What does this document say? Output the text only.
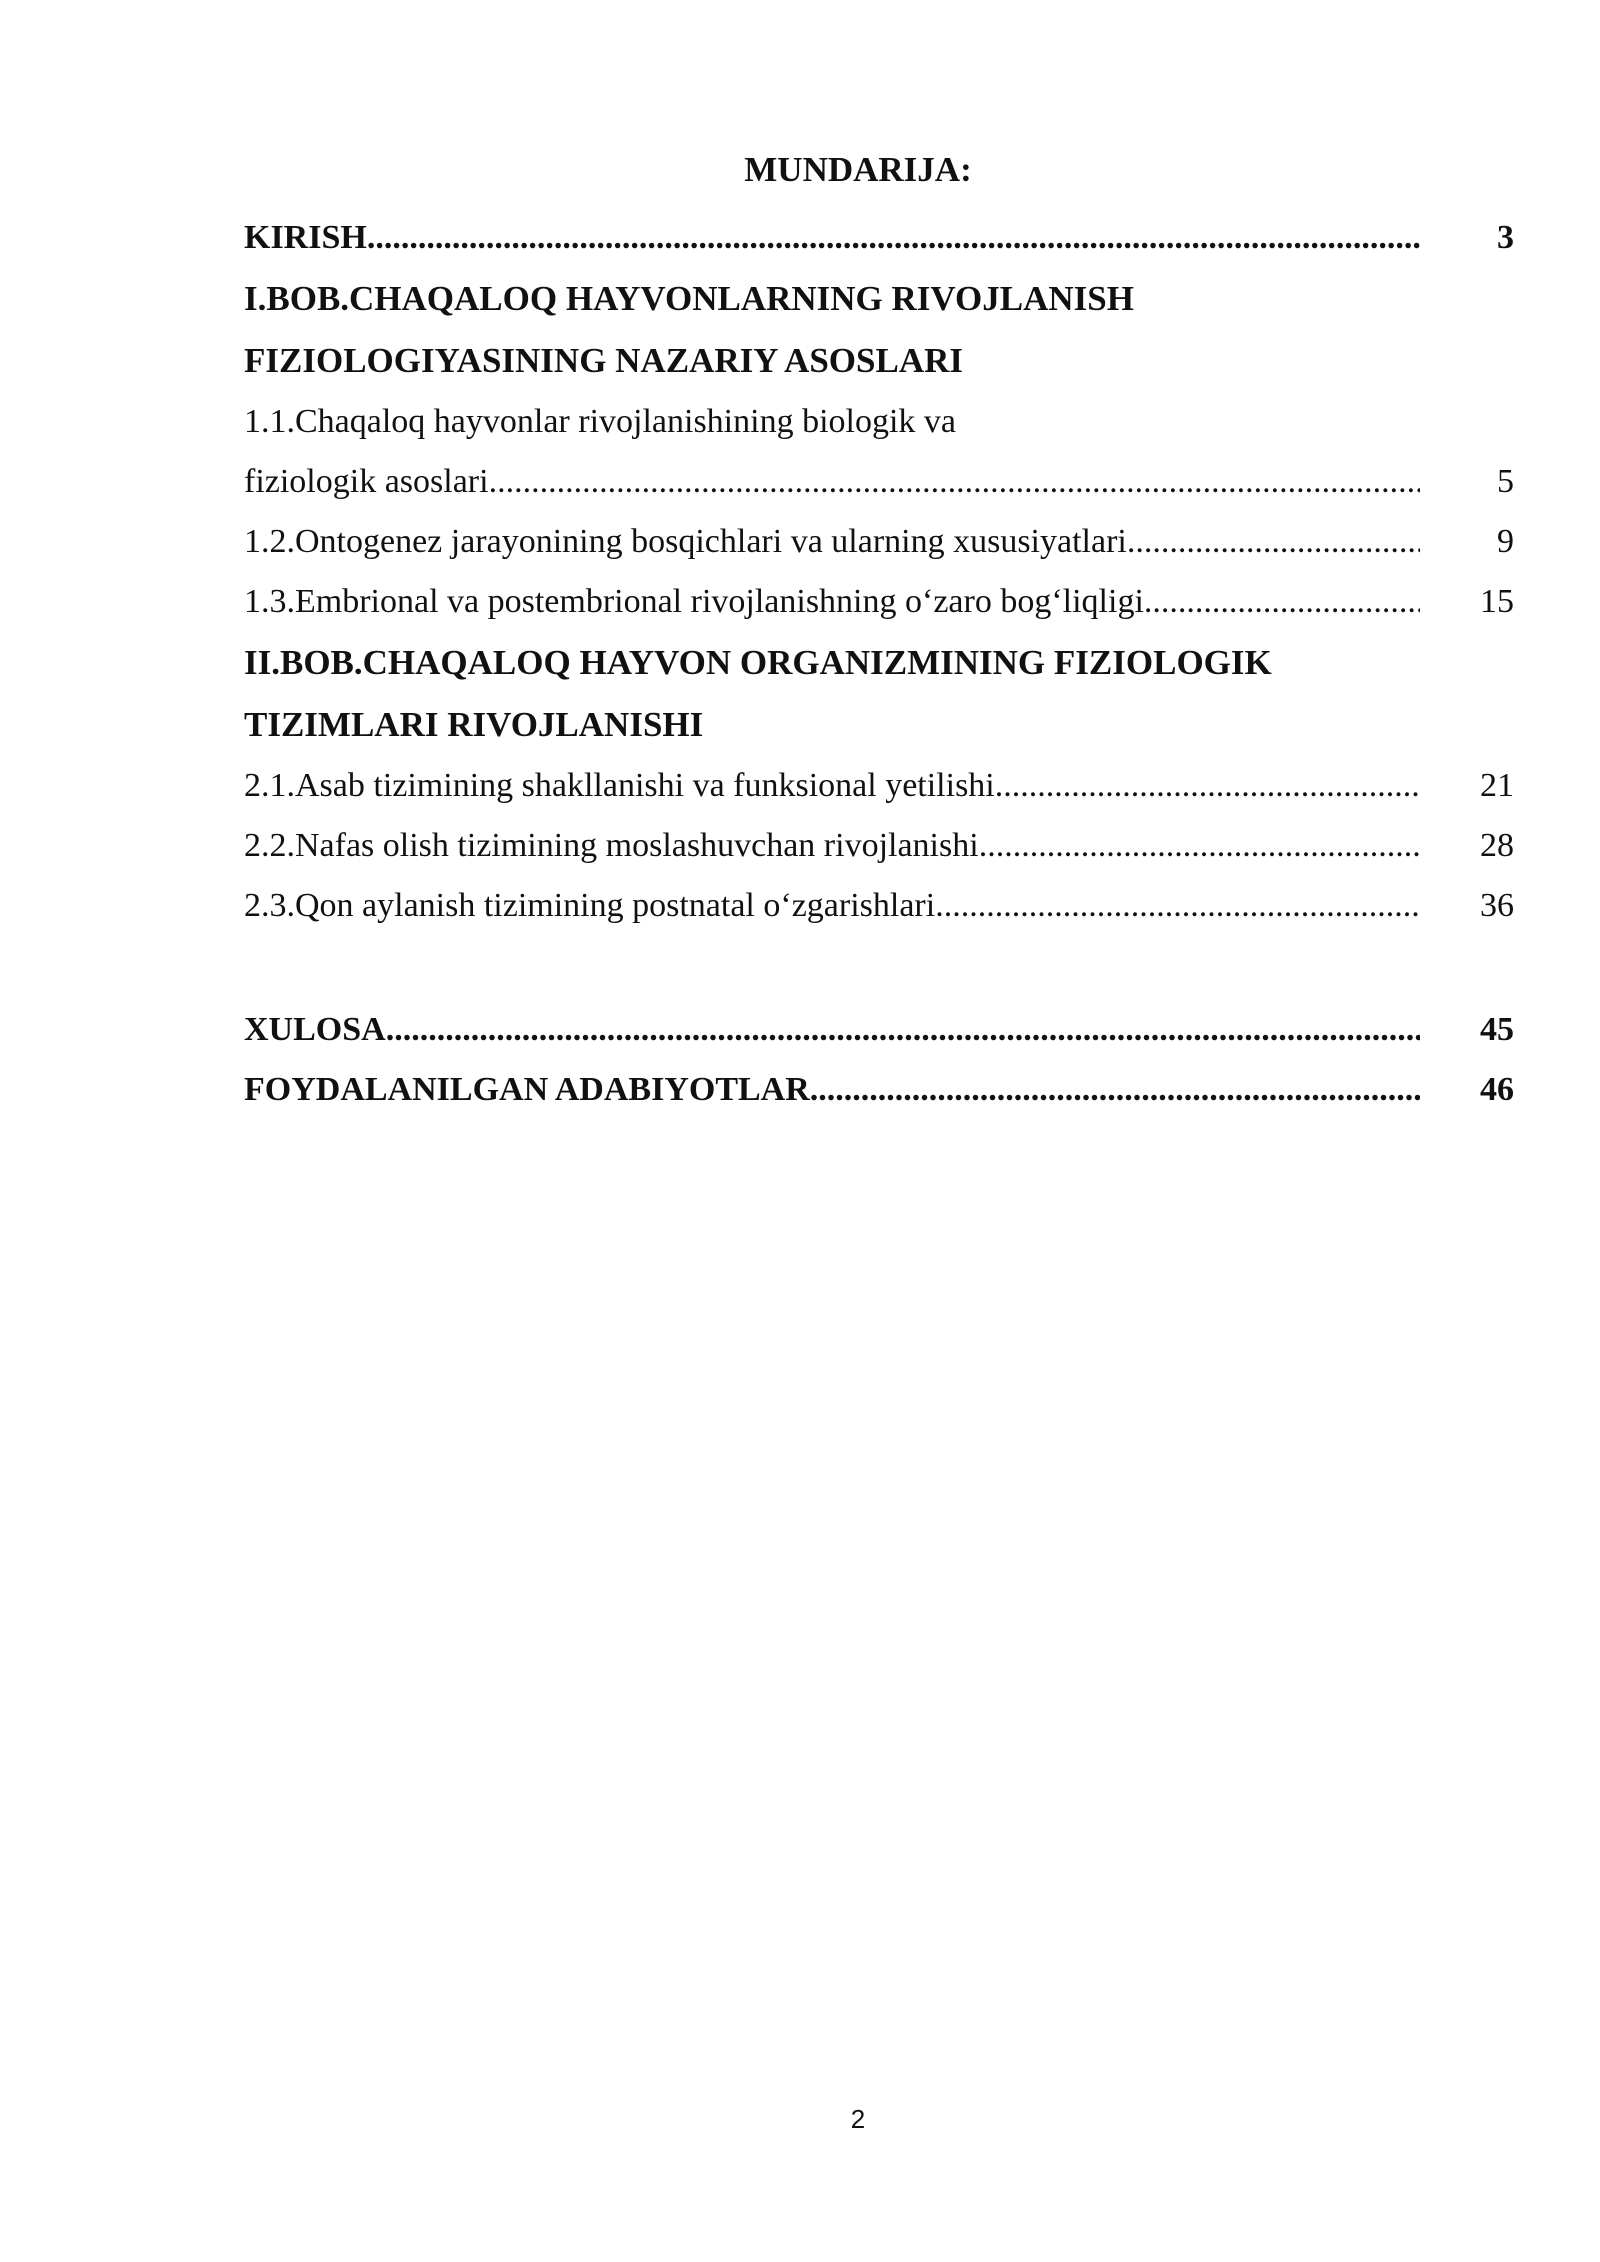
MUNDARIJA:
KIRISH .....	3
I.BOB.CHAQALOQ HAYVONLARNING RIVOJLANISH
FIZIOLOGIYASINING NAZARIY ASOSLARI
1.1.Chaqaloq hayvonlar rivojlanishining biologik va
fiziologik asoslari .....	5
1.2.Ontogenez jarayonining bosqichlari va ularning xususiyatlari .....	9
1.3.Embrional va postembrional rivojlanishning o‘zaro bog‘liqligi .....	15
II.BOB.CHAQALOQ HAYVON ORGANIZMINING FIZIOLOGIK
TIZIMLARI RIVOJLANISHI
2.1.Asab tizimining shakllanishi va funksional yetilishi .....	21
2.2.Nafas olish tizimining moslashuvchan rivojlanishi .....	28
2.3.Qon aylanish tizimining postnatal o‘zgarishlari .....	36
XULOSA .....	45
FOYDALANILGAN ADABIYOTLAR .....	46
2
